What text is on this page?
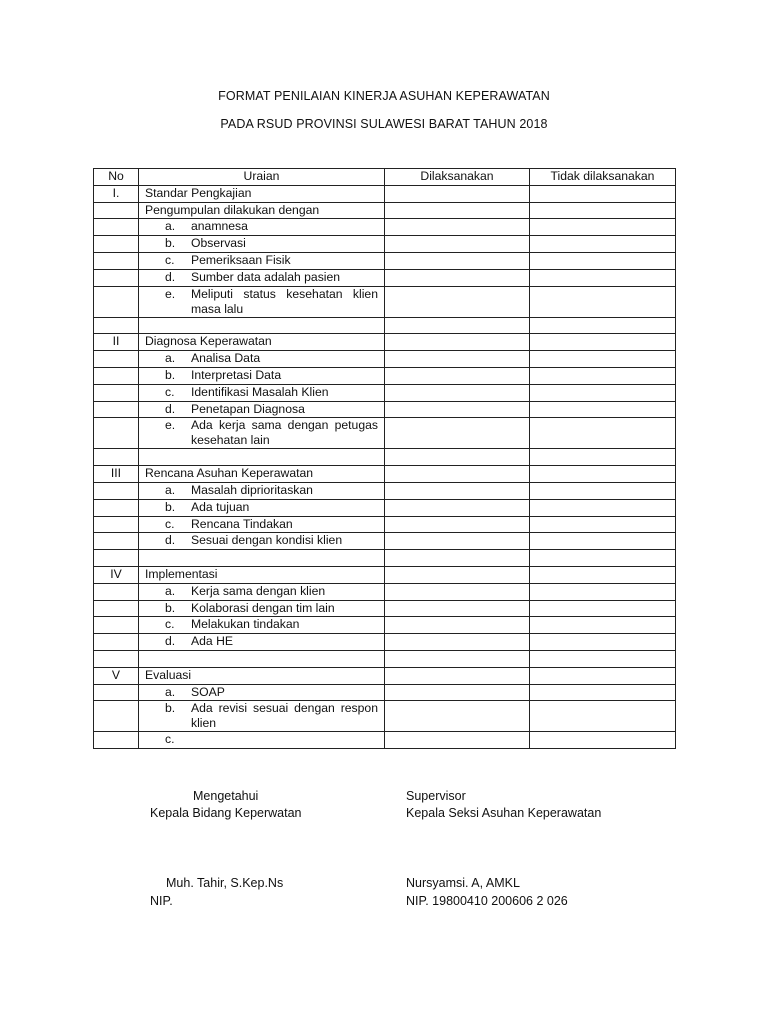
FORMAT PENILAIAN KINERJA ASUHAN KEPERAWATAN
PADA RSUD PROVINSI SULAWESI BARAT TAHUN 2018
No	Uraian	Dilaksanakan	Tidak dilaksanakan
I.	Standar Pengkajian		
	Pengumpulan dilakukan dengan		

	a. anamnesa		

	b. Observasi		

	c. Pemeriksaan Fisik		

	d. Sumber data adalah pasien		

	e. Meliputi status kesehatan klien masa lalu		

II	Diagnosa Keperawatan		

	a. Analisa Data		

	b. Interpretasi Data		

	c. Identifikasi Masalah Klien		

	d. Penetapan Diagnosa		

	e. Ada kerja sama dengan petugas kesehatan lain		

III	Rencana Asuhan Keperawatan		

	a. Masalah diprioritaskan		

	b. Ada tujuan		

	c. Rencana Tindakan		

	d. Sesuai dengan kondisi klien		

IV	Implementasi		

	a. Kerja sama dengan klien		

	b. Kolaborasi dengan tim lain		

	c. Melakukan tindakan		

	d. Ada HE		

V	Evaluasi		

	a. SOAP		

	b. Ada revisi sesuai dengan respon klien		

	c.		

Mengetahui
Kepala Bidang Keperwatan
Muh. Tahir, S.Kep.Ns
NIP.
Supervisor
Kepala Seksi Asuhan Keperawatan
Nursyamsi. A, AMKL
NIP. 19800410 200606 2 026
